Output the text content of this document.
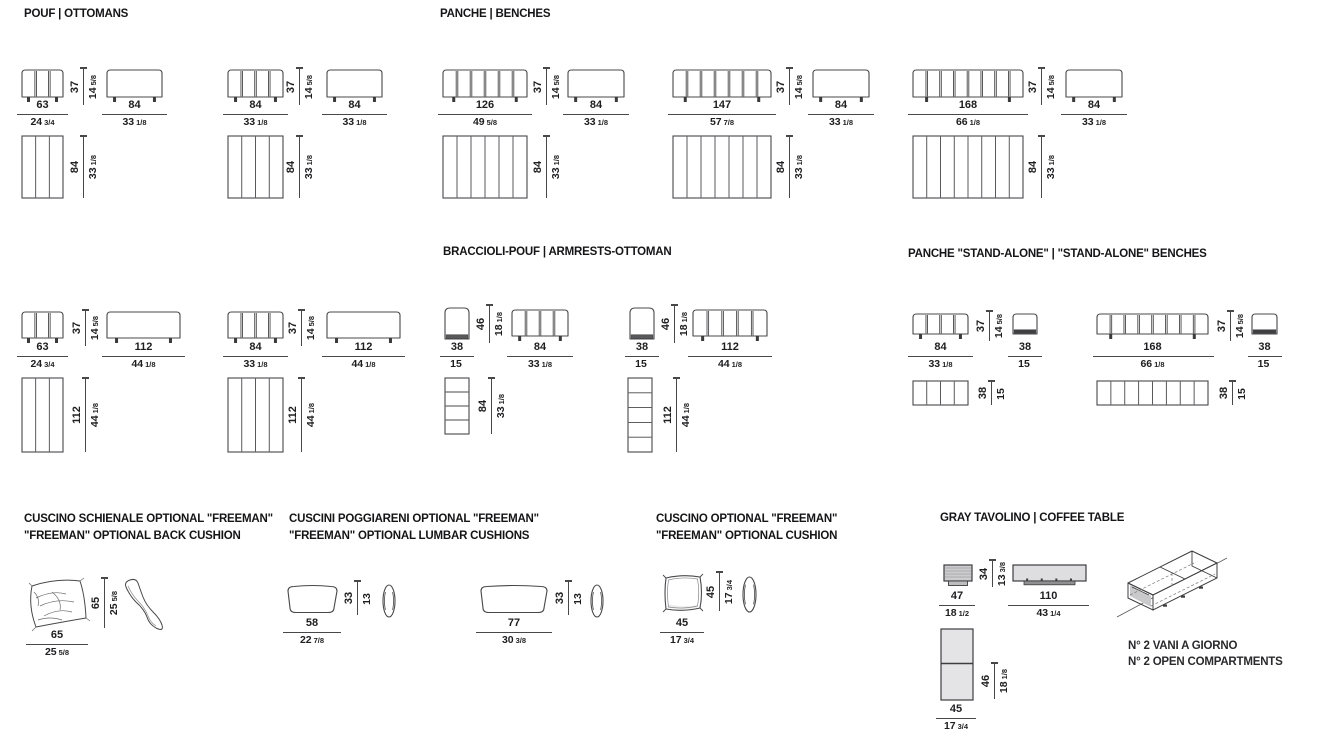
POUF | OTTOMANS	PANCHE | BENCHES
BRACCIOLI-POUF | ARMRESTS-OTTOMAN	PANCHE "STAND-ALONE" | "STAND-ALONE" BENCHES
CUSCINO SCHIENALE OPTIONAL "FREEMAN"
"FREEMAN" OPTIONAL BACK CUSHION
CUSCINI POGGIARENI OPTIONAL "FREEMAN"
"FREEMAN" OPTIONAL LUMBAR CUSHIONS
CUSCINO OPTIONAL "FREEMAN"
"FREEMAN" OPTIONAL CUSHION
GRAY TAVOLINO | COFFEE TABLE
N° 2 VANI A GIORNO
N° 2 OPEN COMPARTMENTS
37
145/8
63
24 3/4
84
33 1/8
84
331/8
37
145/8
84
33 1/8
84
33 1/8
84
331/8
37
145/8
63
24 3/4
112
44 1/8
112 441/8
37
145/8
84
33 1/8
112
44 1/8
112 441/8
37
145/8
126
49 5/8
84
33 1/8
84
331/8
37
145/8
147
57 7/8
84
33 1/8
84
331/8
37
145/8
168
66 1/8
84
33 1/8
84
331/8
46
181/8
38
15
84
33 1/8
84
331/8
46
181/8
38
15
112
44 1/8
112 441/8
37
145/8
84
33 1/8
38
15
38 15
37
145/8
168
66 1/8
38
15
38 15
65
255/8
65
25 5/8
33 13
58
22 7/8
33 13
77
30 3/8
45
173/4
45
17 3/4
34
133/8
47
18 1/2
110
43 1/4
46
181/8
45
17 3/4
